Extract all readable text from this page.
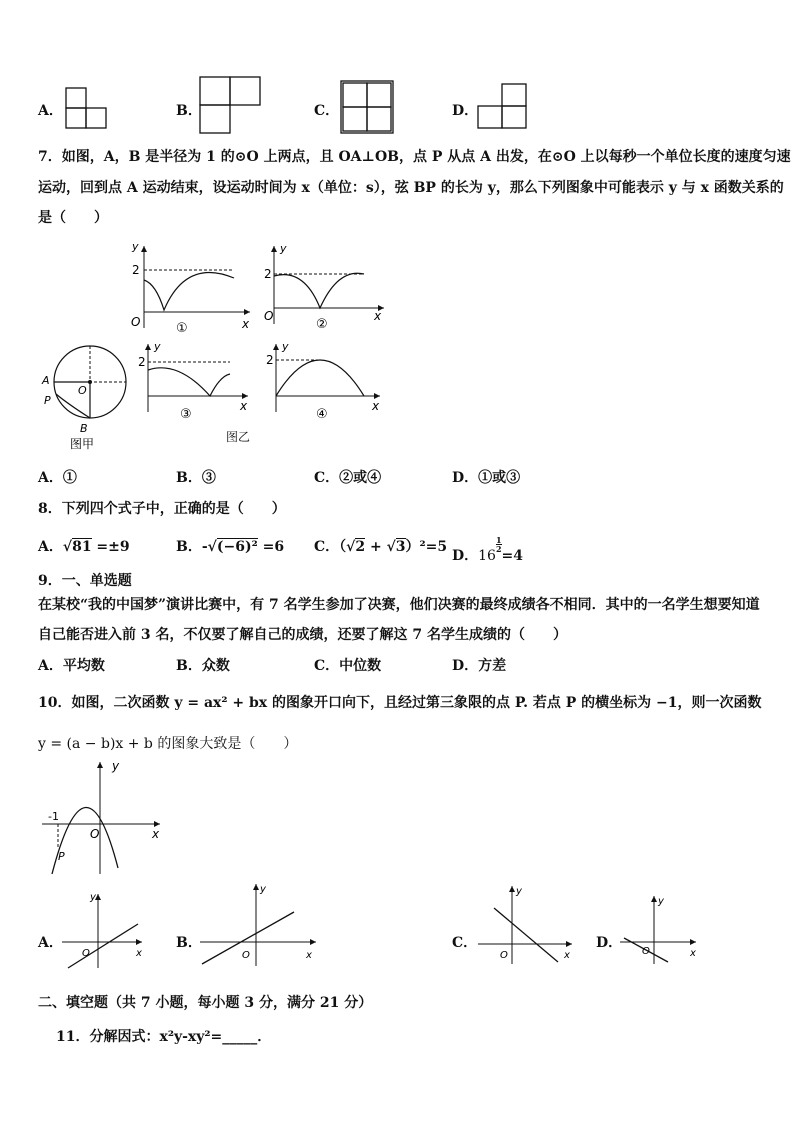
A．	B．	C．	D．
7．如图，A，B 是半径为 1 的⊙O 上两点，且 OA⊥OB，点 P 从点 A 出发，在⊙O 上以每秒一个单位长度的速度匀速
运动，回到点 A 运动结束，设运动时间为 x（单位：s），弦 BP 的长为 y，那么下列图象中可能表示 y 与 x 函数关系的
是（　　）
y
2
O	x
①
y
2
O	x
②
A
P
O
B
图甲
y
2
x
③
y
2
x
④
图乙
A．①	B．③	C．②或④	D．①或③
8．下列四个式子中，正确的是（　　）
A．√81 =±9	B．-√(−6)² =6 C．（√2 + √3）²=5
D．16
$\frac{1}{2}$
=4
9．一、单选题
在某校“我的中国梦”演讲比赛中，有 7 名学生参加了决赛，他们决赛的最终成绩各不相同．其中的一名学生想要知道
自己能否进入前 3 名，不仅要了解自己的成绩，还要了解这 7 名学生成绩的（　　）
A．平均数	B．众数	C．中位数	D．方差
10．如图，二次函数 y = ax² + bx 的图象开口向下，且经过第三象限的点 P. 若点 P 的横坐标为 −1，则一次函数
y = (a − b)x + b 的图象大致是（　　）
y
x
O
-1
P
A．
y
x
O
B．
y
x
O
C．
y
x
O
D．
y
x
O
二、填空题（共 7 小题，每小题 3 分，满分 21 分）
11．分解因式：x²y-xy²=_____．
